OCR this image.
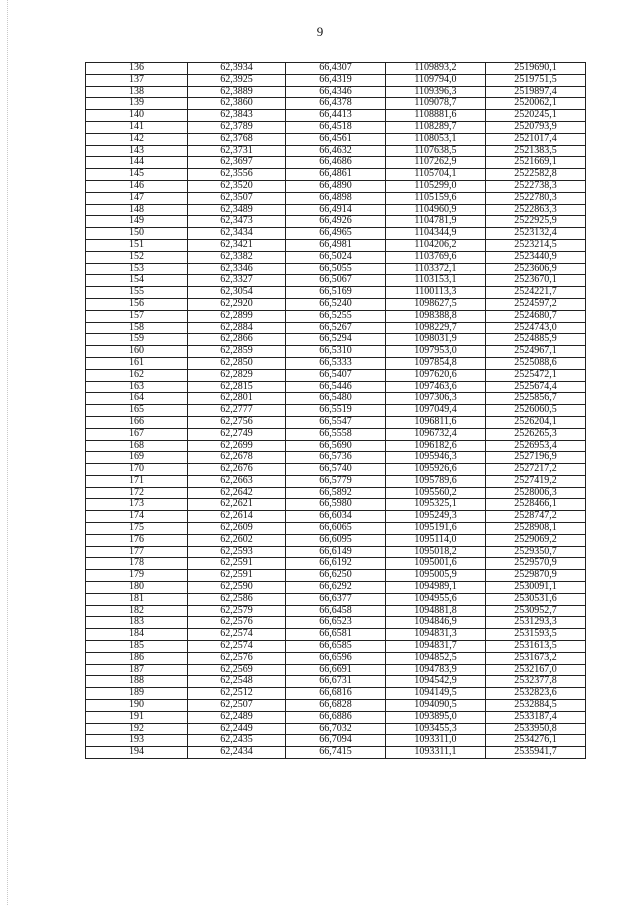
9
136	62,3934	66,4307	1109893,2	2519690,1
137	62,3925	66,4319	1109794,0	2519751,5
138	62,3889	66,4346	1109396,3	2519897,4
139	62,3860	66,4378	1109078,7	2520062,1
140	62,3843	66,4413	1108881,6	2520245,1
141	62,3789	66,4518	1108289,7	2520793,9
142	62,3768	66,4561	1108053,1	2521017,4
143	62,3731	66,4632	1107638,5	2521383,5
144	62,3697	66,4686	1107262,9	2521669,1
145	62,3556	66,4861	1105704,1	2522582,8
146	62,3520	66,4890	1105299,0	2522738,3
147	62,3507	66,4898	1105159,6	2522780,3
148	62,3489	66,4914	1104960,9	2522863,3
149	62,3473	66,4926	1104781,9	2522925,9
150	62,3434	66,4965	1104344,9	2523132,4
151	62,3421	66,4981	1104206,2	2523214,5
152	62,3382	66,5024	1103769,6	2523440,9
153	62,3346	66,5055	1103372,1	2523606,9
154	62,3327	66,5067	1103153,1	2523670,1
155	62,3054	66,5169	1100113,3	2524221,7
156	62,2920	66,5240	1098627,5	2524597,2
157	62,2899	66,5255	1098388,8	2524680,7
158	62,2884	66,5267	1098229,7	2524743,0
159	62,2866	66,5294	1098031,9	2524885,9
160	62,2859	66,5310	1097953,0	2524967,1
161	62,2850	66,5333	1097854,8	2525088,6
162	62,2829	66,5407	1097620,6	2525472,1
163	62,2815	66,5446	1097463,6	2525674,4
164	62,2801	66,5480	1097306,3	2525856,7
165	62,2777	66,5519	1097049,4	2526060,5
166	62,2756	66,5547	1096811,6	2526204,1
167	62,2749	66,5558	1096732,4	2526265,3
168	62,2699	66,5690	1096182,6	2526953,4
169	62,2678	66,5736	1095946,3	2527196,9
170	62,2676	66,5740	1095926,6	2527217,2
171	62,2663	66,5779	1095789,6	2527419,2
172	62,2642	66,5892	1095560,2	2528006,3
173	62,2621	66,5980	1095325,1	2528466,1
174	62,2614	66,6034	1095249,3	2528747,2
175	62,2609	66,6065	1095191,6	2528908,1
176	62,2602	66,6095	1095114,0	2529069,2
177	62,2593	66,6149	1095018,2	2529350,7
178	62,2591	66,6192	1095001,6	2529570,9
179	62,2591	66,6250	1095005,9	2529870,9
180	62,2590	66,6292	1094989,1	2530091,1
181	62,2586	66,6377	1094955,6	2530531,6
182	62,2579	66,6458	1094881,8	2530952,7
183	62,2576	66,6523	1094846,9	2531293,3
184	62,2574	66,6581	1094831,3	2531593,5
185	62,2574	66,6585	1094831,7	2531613,5
186	62,2576	66,6596	1094852,5	2531673,2
187	62,2569	66,6691	1094783,9	2532167,0
188	62,2548	66,6731	1094542,9	2532377,8
189	62,2512	66,6816	1094149,5	2532823,6
190	62,2507	66,6828	1094090,5	2532884,5
191	62,2489	66,6886	1093895,0	2533187,4
192	62,2449	66,7032	1093455,3	2533950,8
193	62,2435	66,7094	1093311,0	2534276,1
194	62,2434	66,7415	1093311,1	2535941,7
